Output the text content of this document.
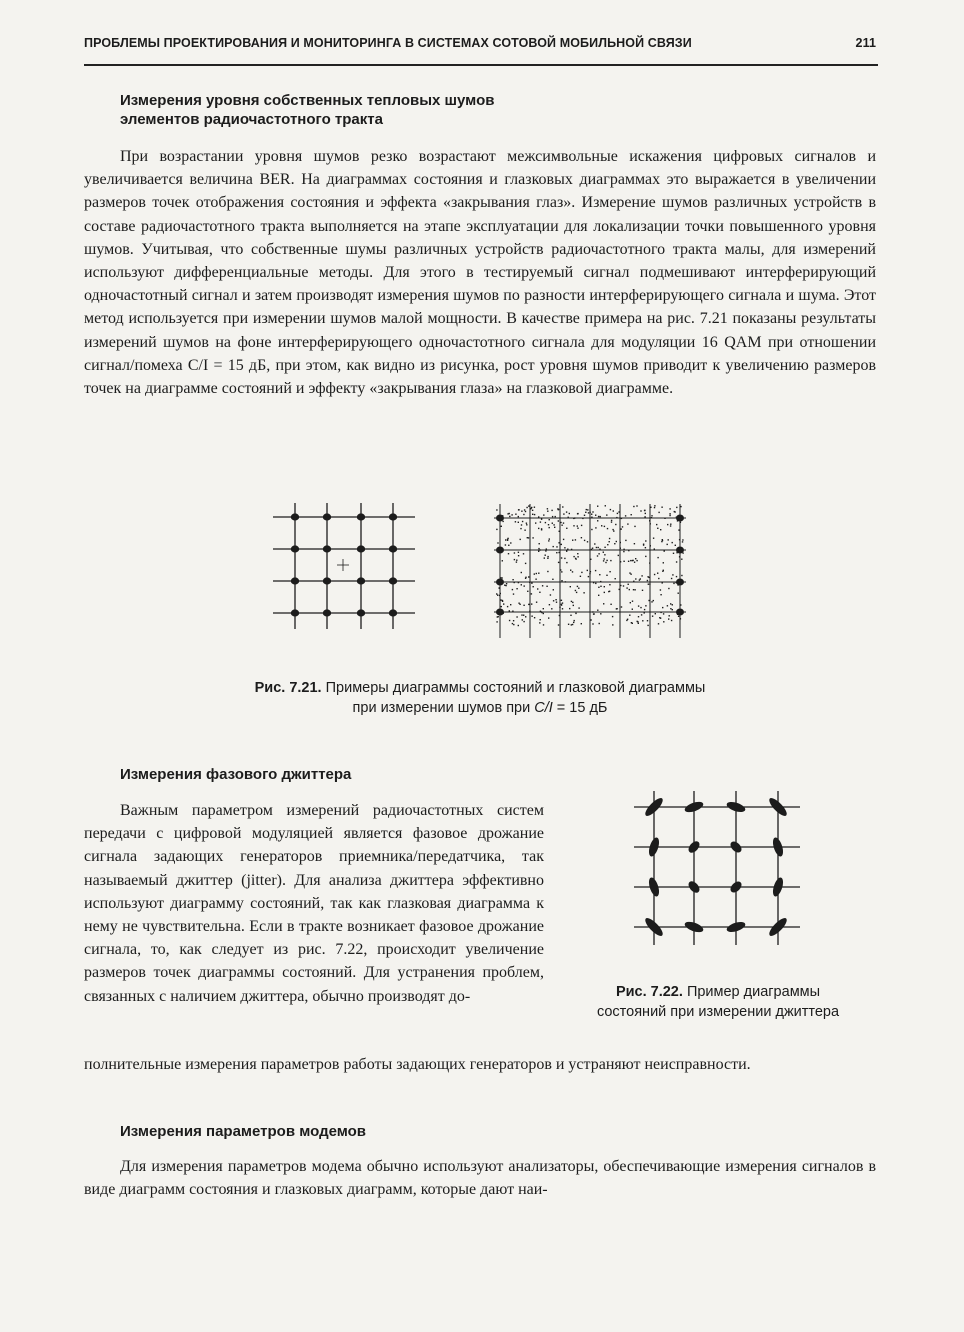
ПРОБЛЕМЫ ПРОЕКТИРОВАНИЯ И МОНИТОРИНГА В СИСТЕМАХ СОТОВОЙ МОБИЛЬНОЙ СВЯЗИ	211
Измерения уровня собственных тепловых шумов
элементов радиочастотного тракта
При возрастании уровня шумов резко возрастают межсимвольные искажения цифровых сигналов и увеличивается величина BER. На диаграммах состояния и глазковых диаграммах это выражается в увеличении размеров точек отображения состояния и эффекта «закрывания глаз». Измерение шумов различных устройств в составе радиочастотного тракта выполняется на этапе эксплуатации для локализации точки повышенного уровня шумов. Учитывая, что собственные шумы различных устройств радиочастотного тракта малы, для измерений используют дифференциальные методы. Для этого в тестируемый сигнал подмешивают интерферирующий одночастотный сигнал и затем производят измерения шумов по разности интерферирующего сигнала и шума. Этот метод используется при измерении шумов малой мощности. В качестве примера на рис. 7.21 показаны результаты измерений шумов на фоне интерферирующего одночастотного сигнала для модуляции 16 QAM при отношении сигнал/помеха C/I = 15 дБ, при этом, как видно из рисунка, рост уровня шумов приводит к увеличению размеров точек на диаграмме состояний и эффекту «закрывания глаза» на глазковой диаграмме.
Рис. 7.21. Примеры диаграммы состояний и глазковой диаграммы
при измерении шумов при C/I = 15 дБ
Измерения фазового джиттера
Важным параметром измерений радиочастотных систем передачи с цифровой модуляцией является фазовое дрожание сигнала задающих генераторов приемника/передатчика, так называемый джиттер (jitter). Для анализа джиттера эффективно используют диаграмму состояний, так как глазковая диаграмма к нему не чувствительна. Если в тракте возникает фазовое дрожание сигнала, то, как следует из рис. 7.22, происходит увеличение размеров точек диаграммы состояний. Для устранения проблем, связанных с наличием джиттера, обычно производят до-
полнительные измерения параметров работы задающих генераторов и устраняют неисправности.
Рис. 7.22. Пример диаграммы
состояний при измерении джиттера
Измерения параметров модемов
Для измерения параметров модема обычно используют анализаторы, обеспечивающие измерения сигналов в виде диаграмм состояния и глазковых диаграмм, которые дают наи-
